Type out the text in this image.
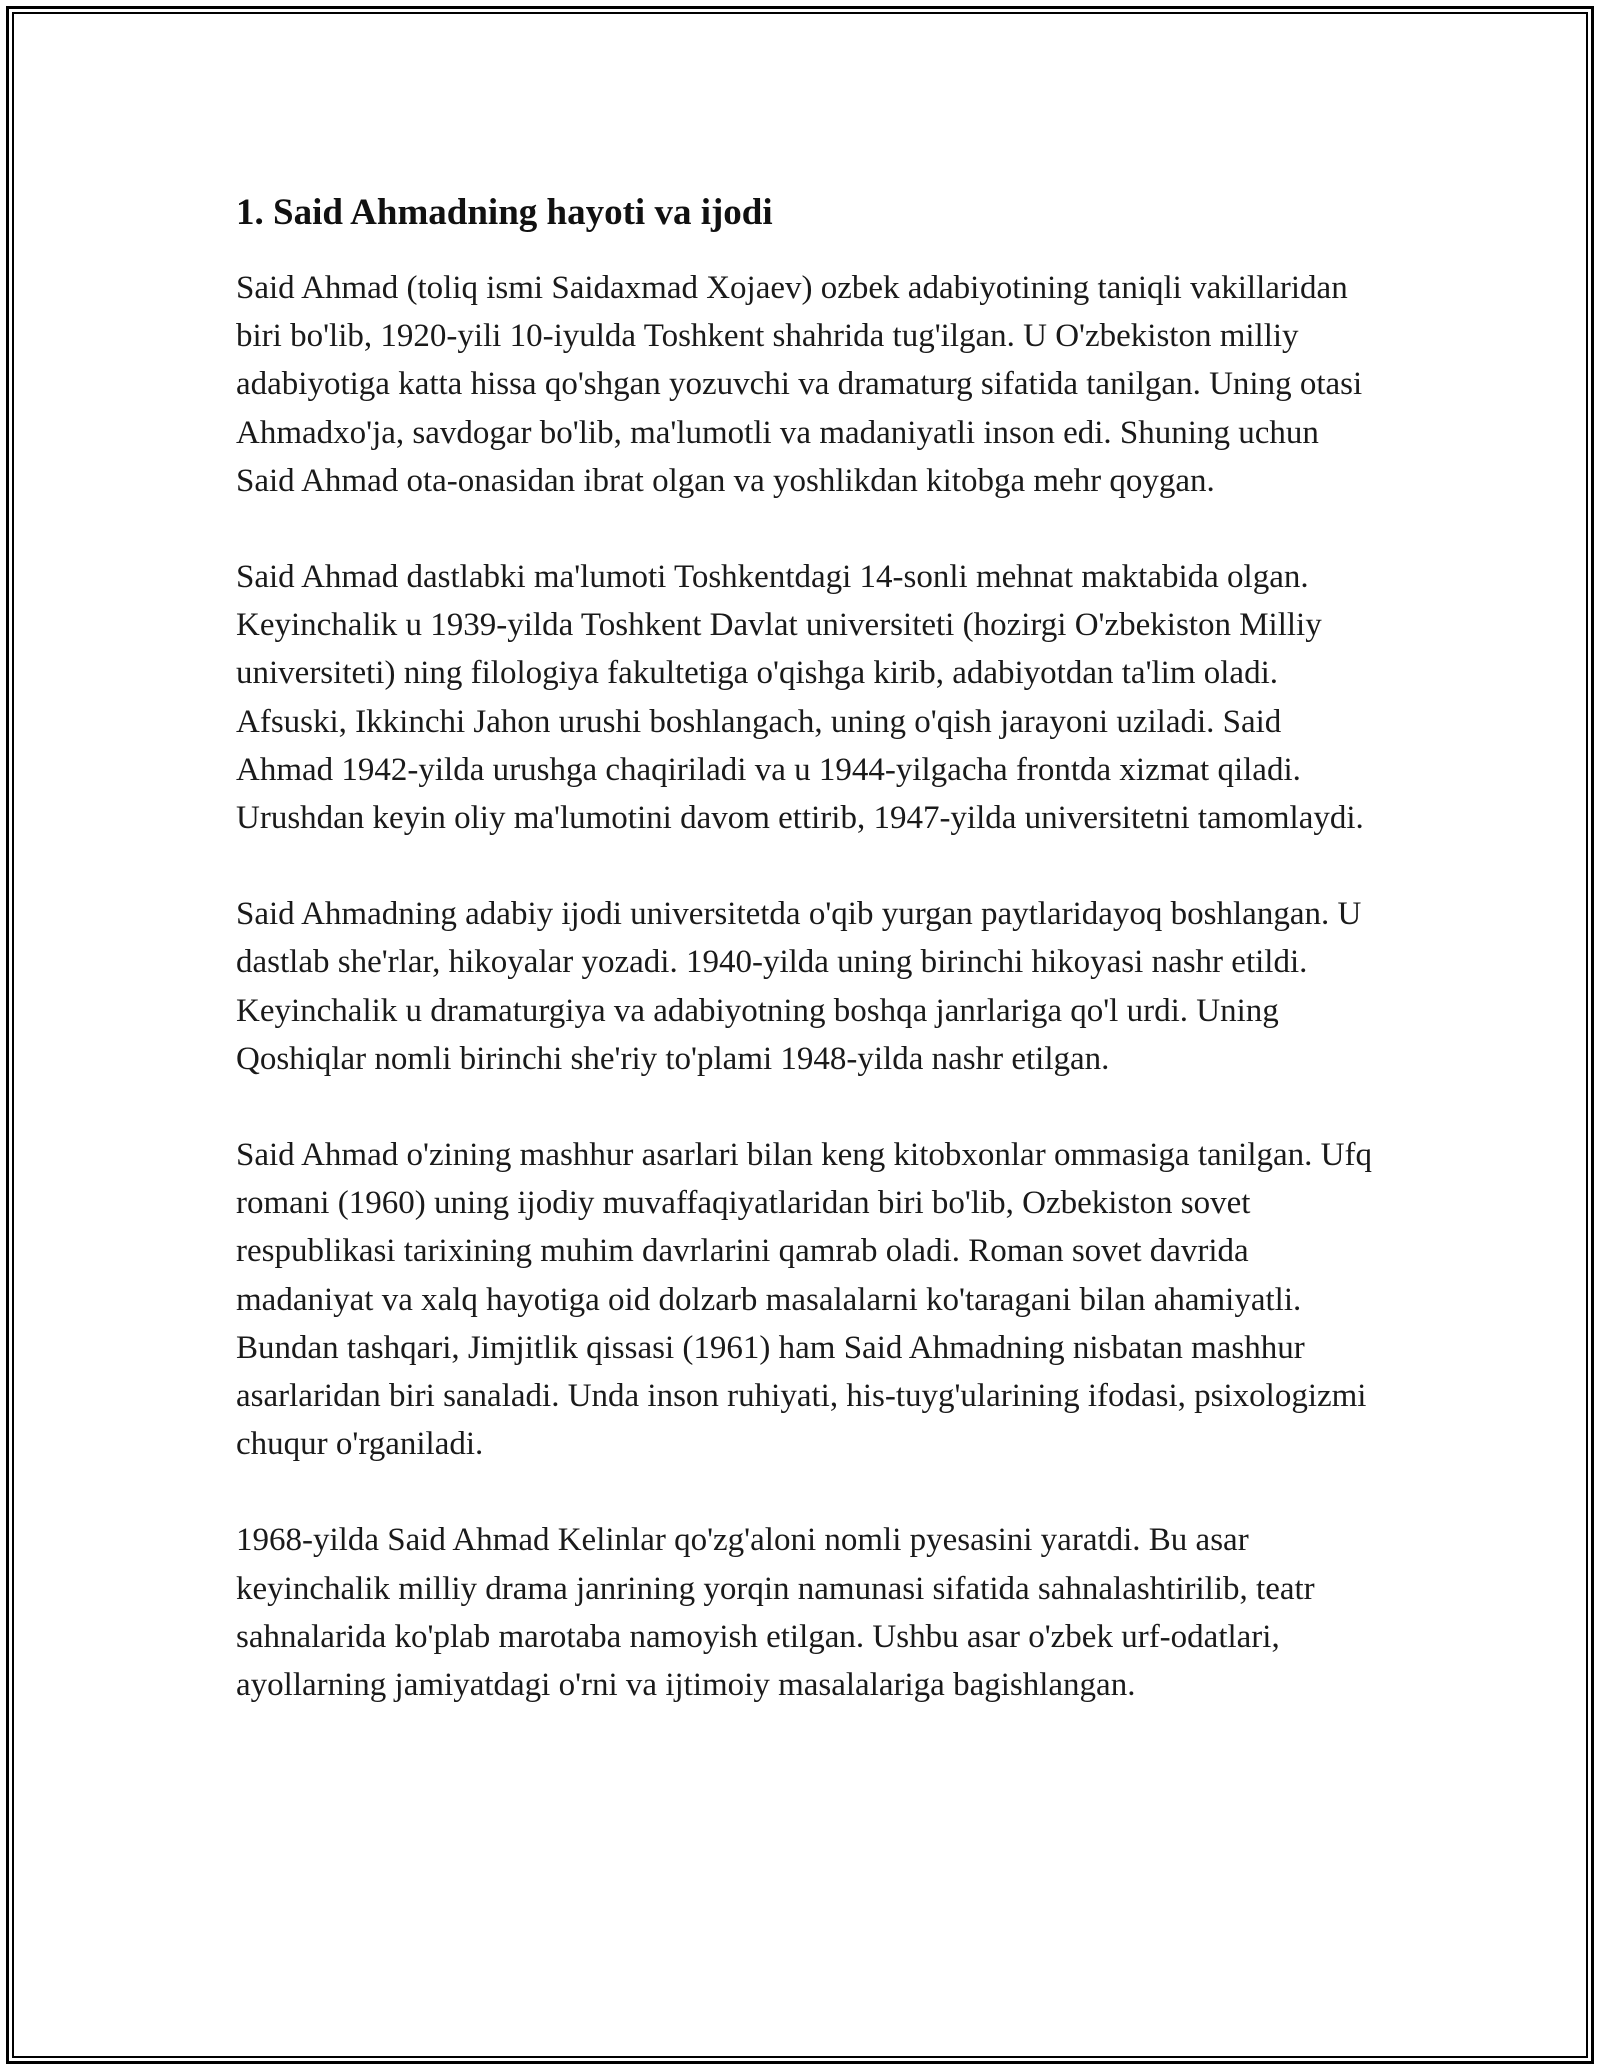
1. Said Ahmadning hayoti va ijodi

Said Ahmad (toliq ismi Saidaxmad Xojaev) ozbek adabiyotining taniqli vakillaridan biri bo'lib, 1920-yili 10-iyulda Toshkent shahrida tug'ilgan. U O'zbekiston milliy adabiyotiga katta hissa qo'shgan yozuvchi va dramaturg sifatida tanilgan. Uning otasi Ahmadxo'ja, savdogar bo'lib, ma'lumotli va madaniyatli inson edi. Shuning uchun Said Ahmad ota-onasidan ibrat olgan va yoshlikdan kitobga mehr qoygan.

Said Ahmad dastlabki ma'lumoti Toshkentdagi 14-sonli mehnat maktabida olgan. Keyinchalik u 1939-yilda Toshkent Davlat universiteti (hozirgi O'zbekiston Milliy universiteti) ning filologiya fakultetiga o'qishga kirib, adabiyotdan ta'lim oladi. Afsuski, Ikkinchi Jahon urushi boshlangach, uning o'qish jarayoni uziladi. Said Ahmad 1942-yilda urushga chaqiriladi va u 1944-yilgacha frontda xizmat qiladi. Urushdan keyin oliy ma'lumotini davom ettirib, 1947-yilda universitetni tamomlaydi.

Said Ahmadning adabiy ijodi universitetda o'qib yurgan paytlaridayoq boshlangan. U dastlab she'rlar, hikoyalar yozadi. 1940-yilda uning birinchi hikoyasi nashr etildi. Keyinchalik u dramaturgiya va adabiyotning boshqa janrlariga qo'l urdi. Uning Qoshiqlar nomli birinchi she'riy to'plami 1948-yilda nashr etilgan.

Said Ahmad o'zining mashhur asarlari bilan keng kitobxonlar ommasiga tanilgan. Ufq romani (1960) uning ijodiy muvaffaqiyatlaridan biri bo'lib, Ozbekiston sovet respublikasi tarixining muhim davrlarini qamrab oladi. Roman sovet davrida madaniyat va xalq hayotiga oid dolzarb masalalarni ko'taragani bilan ahamiyatli. Bundan tashqari, Jimjitlik qissasi (1961) ham Said Ahmadning nisbatan mashhur asarlaridan biri sanaladi. Unda inson ruhiyati, his-tuyg'ularining ifodasi, psixologizmi chuqur o'rganiladi.

1968-yilda Said Ahmad Kelinlar qo'zg'aloni nomli pyesasini yaratdi. Bu asar keyinchalik milliy drama janrining yorqin namunasi sifatida sahnalashtirilib, teatr sahnalarida ko'plab marotaba namoyish etilgan. Ushbu asar o'zbek urf-odatlari, ayollarning jamiyatdagi o'rni va ijtimoiy masalalariga bagishlangan.
